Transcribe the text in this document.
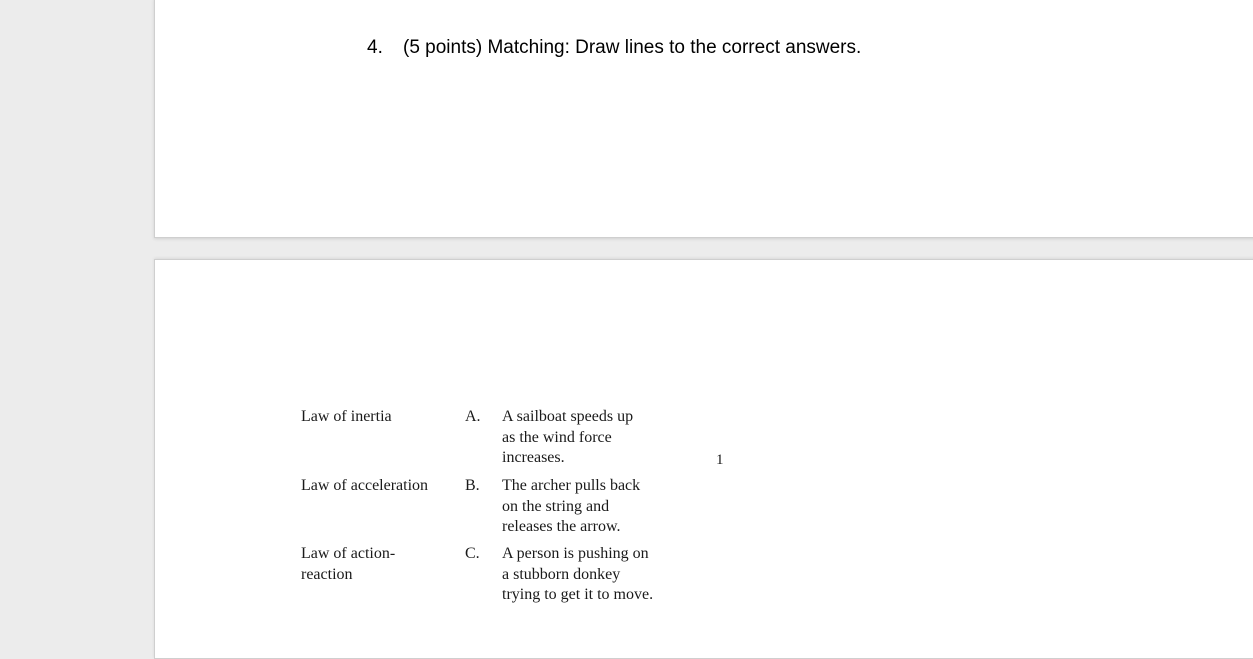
4. (5 points) Matching: Draw lines to the correct answers.
Law of inertia
Law of acceleration
Law of action-
reaction
A. A sailboat speeds up
as the wind force
increases.
B. The archer pulls back
on the string and
releases the arrow.
C. A person is pushing on
a stubborn donkey
trying to get it to move.
1
